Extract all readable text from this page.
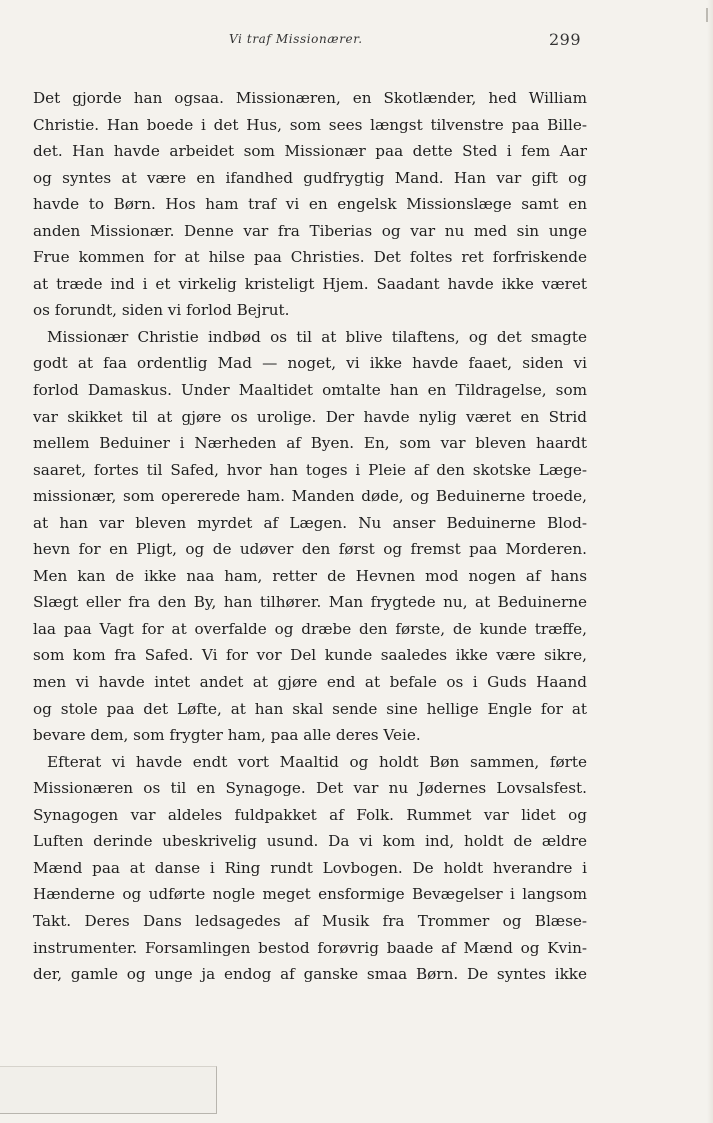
Vi traf Missionærer.	299
Det gjorde han ogsaa. Missionæren, en Skotlænder, hed William
Christie. Han boede i det Hus, som sees længst tilvenstre paa Bille-
det. Han havde arbeidet som Missionær paa dette Sted i fem Aar
og syntes at være en ifandhed gudfrygtig Mand. Han var gift og
havde to Børn. Hos ham traf vi en engelsk Missionslæge samt en
anden Missionær. Denne var fra Tiberias og var nu med sin unge
Frue kommen for at hilse paa Christies. Det foltes ret forfriskende
at træde ind i et virkelig kristeligt Hjem. Saadant havde ikke været
os forundt, siden vi forlod Bejrut.
Missionær Christie indbød os til at blive tilaftens, og det smagte
godt at faa ordentlig Mad — noget, vi ikke havde faaet, siden vi
forlod Damaskus. Under Maaltidet omtalte han en Tildragelse, som
var skikket til at gjøre os urolige. Der havde nylig været en Strid
mellem Beduiner i Nærheden af Byen. En, som var bleven haardt
saaret, fortes til Safed, hvor han toges i Pleie af den skotske Læge-
missionær, som opererede ham. Manden døde, og Beduinerne troede,
at han var bleven myrdet af Lægen. Nu anser Beduinerne Blod-
hevn for en Pligt, og de udøver den først og fremst paa Morderen.
Men kan de ikke naa ham, retter de Hevnen mod nogen af hans
Slægt eller fra den By, han tilhører. Man frygtede nu, at Beduinerne
laa paa Vagt for at overfalde og dræbe den første, de kunde træffe,
som kom fra Safed. Vi for vor Del kunde saaledes ikke være sikre,
men vi havde intet andet at gjøre end at befale os i Guds Haand
og stole paa det Løfte, at han skal sende sine hellige Engle for at
bevare dem, som frygter ham, paa alle deres Veie.
Efterat vi havde endt vort Maaltid og holdt Bøn sammen, førte
Missionæren os til en Synagoge. Det var nu Jødernes Lovsalsfest.
Synagogen var aldeles fuldpakket af Folk. Rummet var lidet og
Luften derinde ubeskrivelig usund. Da vi kom ind, holdt de ældre
Mænd paa at danse i Ring rundt Lovbogen. De holdt hverandre i
Hænderne og udførte nogle meget ensformige Bevægelser i langsom
Takt. Deres Dans ledsagedes af Musik fra Trommer og Blæse-
instrumenter. Forsamlingen bestod forøvrig baade af Mænd og Kvin-
der, gamle og unge ja endog af ganske smaa Børn. De syntes ikke
